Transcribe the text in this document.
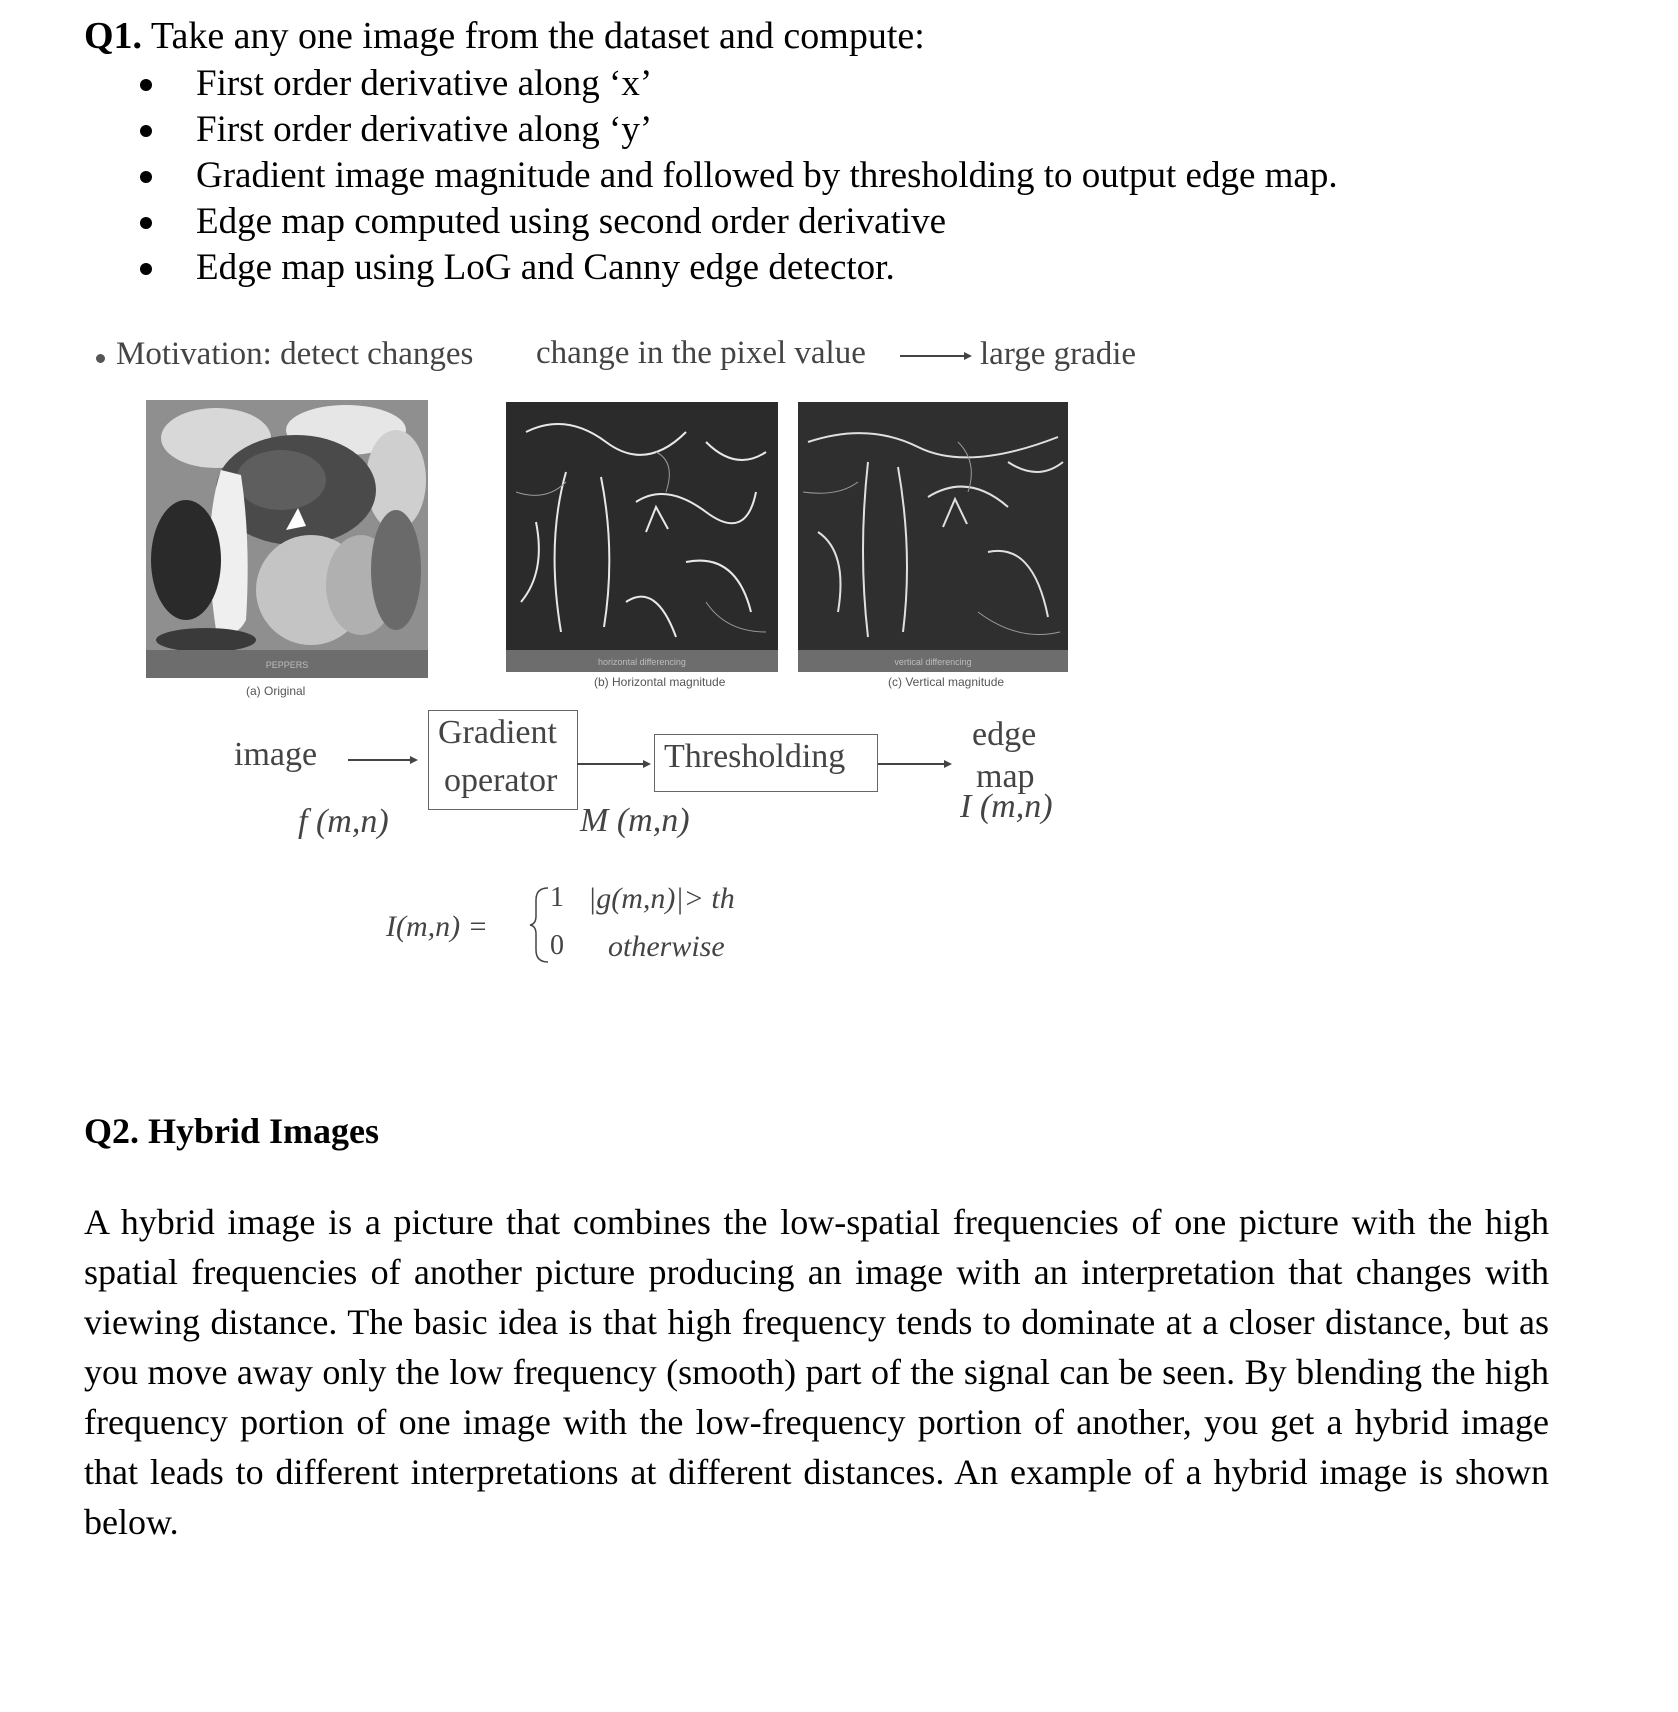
Q1. Take any one image from the dataset and compute:
First order derivative along ‘x’
First order derivative along ‘y’
Gradient image magnitude and followed by thresholding to output edge map.
Edge map computed using second order derivative
Edge map using LoG and Canny edge detector.
Motivation: detect changes change in the pixel value	large gradie
PEPPERS
(a) Original
horizontal differencing
(b) Horizontal magnitude
vertical differencing
(c) Vertical magnitude
image
f (m,n)
Gradient
operator
M (m,n)
Thresholding
edge
map
I (m,n)
I(m,n) =
1 |g(m,n)|> th
0 otherwise
Q2. Hybrid Images

A hybrid image is a picture that combines the low-spatial frequencies of one picture with the high spatial frequencies of another picture producing an image with an interpretation that changes with viewing distance. The basic idea is that high frequency tends to dominate at a closer distance, but as you move away only the low frequency (smooth) part of the signal can be seen. By blending the high frequency portion of one image with the low-frequency portion of another, you get a hybrid image that leads to different interpretations at different distances. An example of a hybrid image is shown below.
